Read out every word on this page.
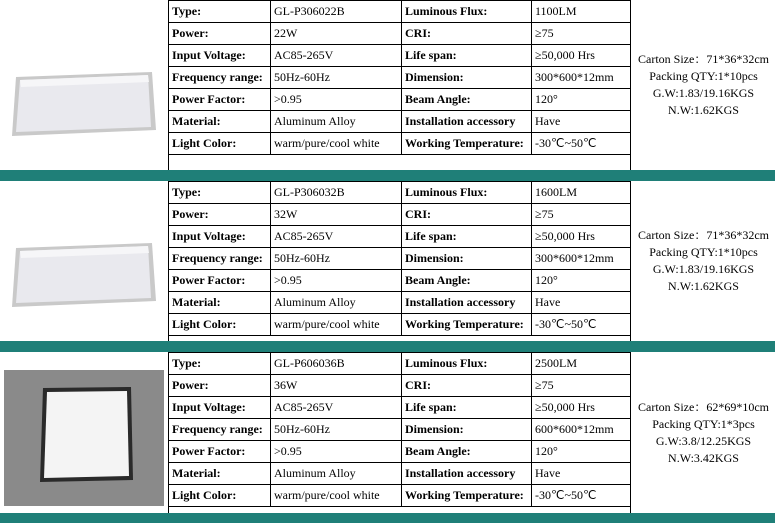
Type:	GL-P306022B	Luminous Flux:	1100LM
Power:	22W	CRI:	≥75
Input Voltage:	AC85-265V	Life span:	≥50,000 Hrs
Frequency range:	50Hz-60Hz	Dimension:	300*600*12mm
Power Factor:	>0.95	Beam Angle:	120°
Material:	Aluminum Alloy	Installation accessory	Have
Light Color:	warm/pure/cool white	Working Temperature:	-30℃~50℃
Carton Size：71*36*32cm
Packing QTY:1*10pcs
G.W:1.83/19.16KGS
N.W:1.62KGS
Type:	GL-P306032B	Luminous Flux:	1600LM
Power:	32W	CRI:	≥75
Input Voltage:	AC85-265V	Life span:	≥50,000 Hrs
Frequency range:	50Hz-60Hz	Dimension:	300*600*12mm
Power Factor:	>0.95	Beam Angle:	120°
Material:	Aluminum Alloy	Installation accessory	Have
Light Color:	warm/pure/cool white	Working Temperature:	-30℃~50℃
Carton Size：71*36*32cm
Packing QTY:1*10pcs
G.W:1.83/19.16KGS
N.W:1.62KGS
Type:	GL-P606036B	Luminous Flux:	2500LM
Power:	36W	CRI:	≥75
Input Voltage:	AC85-265V	Life span:	≥50,000 Hrs
Frequency range:	50Hz-60Hz	Dimension:	600*600*12mm
Power Factor:	>0.95	Beam Angle:	120°
Material:	Aluminum Alloy	Installation accessory	Have
Light Color:	warm/pure/cool white	Working Temperature:	-30℃~50℃
Carton Size：62*69*10cm
Packing QTY:1*3pcs
G.W:3.8/12.25KGS
N.W:3.42KGS
